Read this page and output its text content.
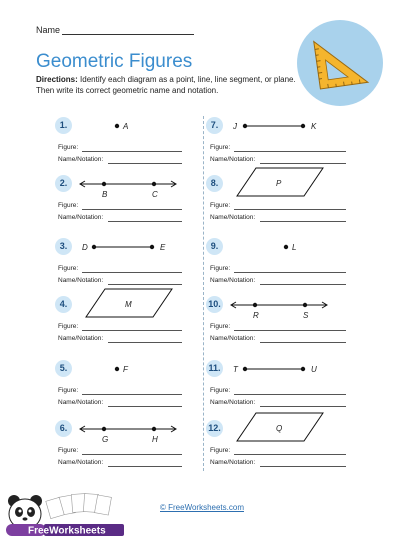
Name
Geometric Figures
Directions: Identify each diagram as a point, line, line segment, or plane. Then write its correct geometric name and notation.
1.	A
Figure:
Name/Notation:
2.
B	C
Figure:
Name/Notation:
3.	D	E
Figure:
Name/Notation:
4.	M
Figure:
Name/Notation:
5.	F
Figure:
Name/Notation:
6.
G	H
Figure:
Name/Notation:
7.	J	K
Figure:
Name/Notation:
8.	P
Figure:
Name/Notation:
9.	L
Figure:
Name/Notation:
10.
R	S
Figure:
Name/Notation:
11.	T	U
Figure:
Name/Notation:
12.	Q
Figure:
Name/Notation:
FreeWorksheets
© FreeWorksheets.com
